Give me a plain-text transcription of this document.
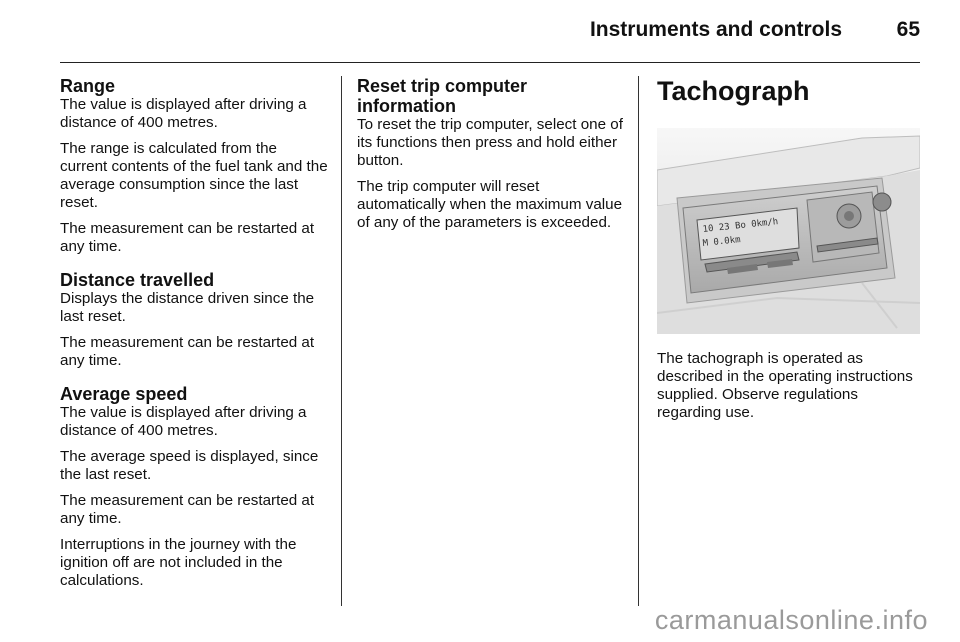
Instruments and controls	65
Range

The value is displayed after driving a distance of 400 metres.

The range is calculated from the current contents of the fuel tank and the average consumption since the last reset.

The measurement can be restarted at any time.

Distance travelled

Displays the distance driven since the last reset.

The measurement can be restarted at any time.

Average speed

The value is displayed after driving a distance of 400 metres.

The average speed is displayed, since the last reset.

The measurement can be restarted at any time.

Interruptions in the journey with the ignition off are not included in the calculations.

Reset trip computer information

To reset the trip computer, select one of its functions then press and hold either button.

The trip computer will reset automatically when the maximum value of any of the parameters is exceeded.

Tachograph
10 23 Bo 0km/h
M 0.0km

The tachograph is operated as described in the operating instructions supplied. Observe regulations regarding use.

carmanualsonline.info
